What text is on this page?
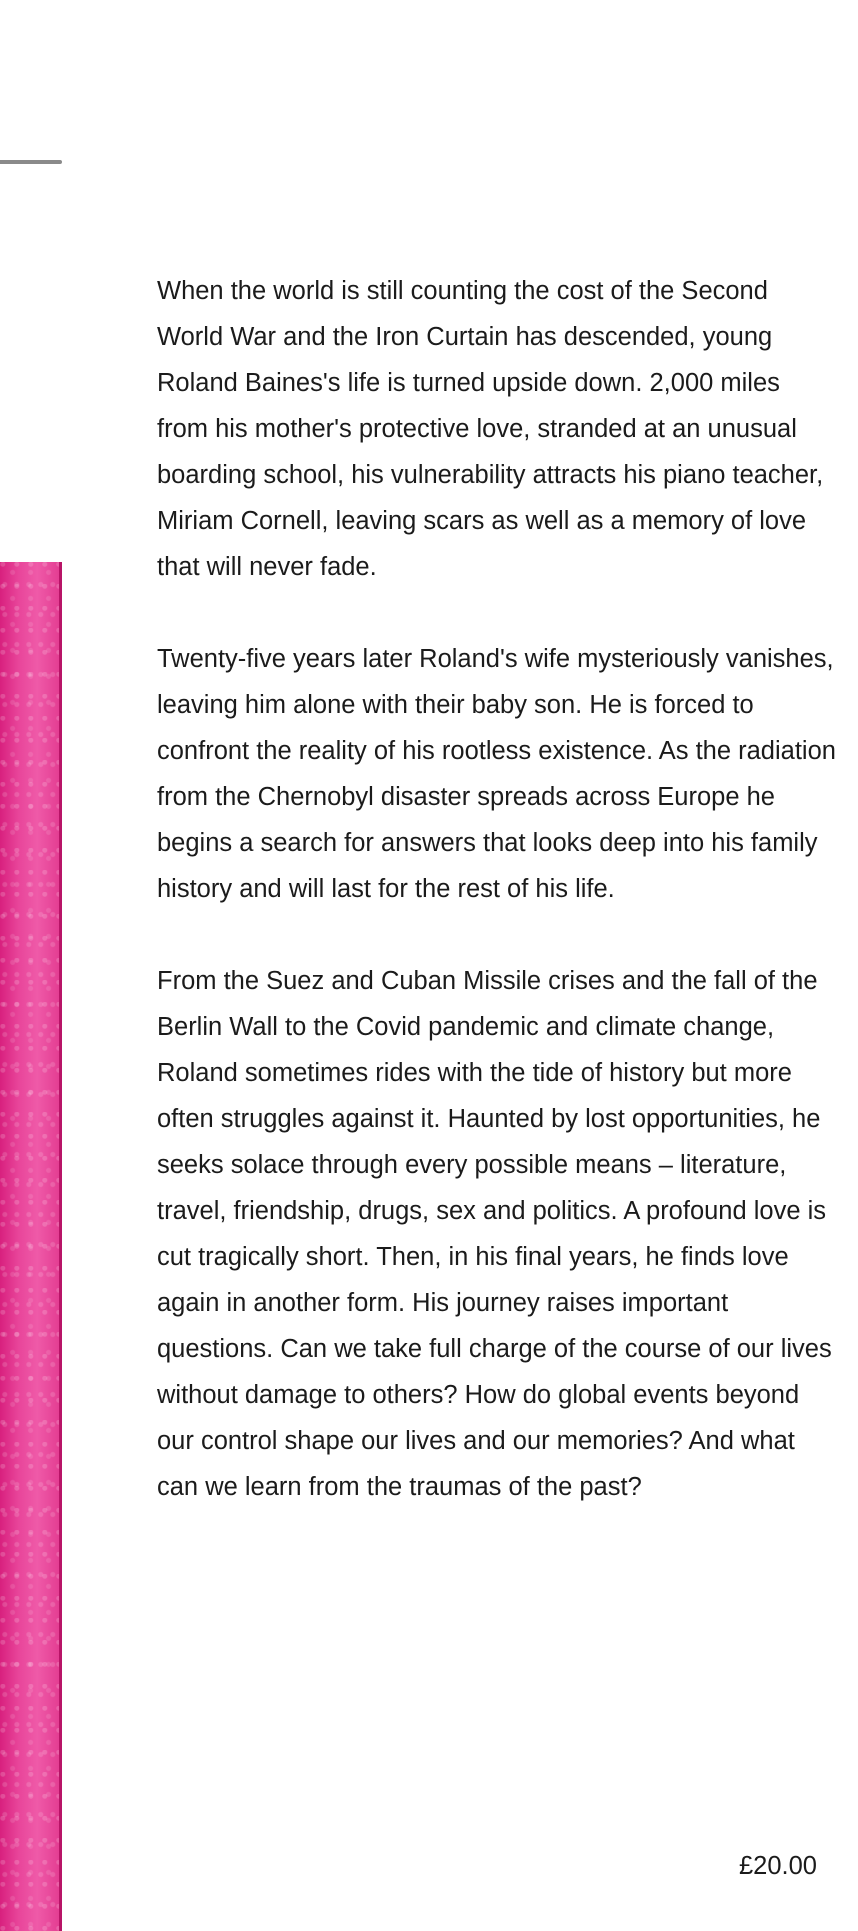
When the world is still counting the cost of the Second World War and the Iron Curtain has descended, young Roland Baines's life is turned upside down. 2,000 miles from his mother's protective love, stranded at an unusual boarding school, his vulnerability attracts his piano teacher, Miriam Cornell, leaving scars as well as a memory of love that will never fade.

Twenty-five years later Roland's wife mysteriously vanishes, leaving him alone with their baby son. He is forced to confront the reality of his rootless existence. As the radiation from the Chernobyl disaster spreads across Europe he begins a search for answers that looks deep into his family history and will last for the rest of his life.

From the Suez and Cuban Missile crises and the fall of the Berlin Wall to the Covid pandemic and climate change, Roland sometimes rides with the tide of history but more often struggles against it. Haunted by lost opportunities, he seeks solace through every possible means – literature, travel, friendship, drugs, sex and politics. A profound love is cut tragically short. Then, in his final years, he finds love again in another form. His journey raises important questions. Can we take full charge of the course of our lives without damage to others? How do global events beyond our control shape our lives and our memories? And what can we learn from the traumas of the past?

£20.00
